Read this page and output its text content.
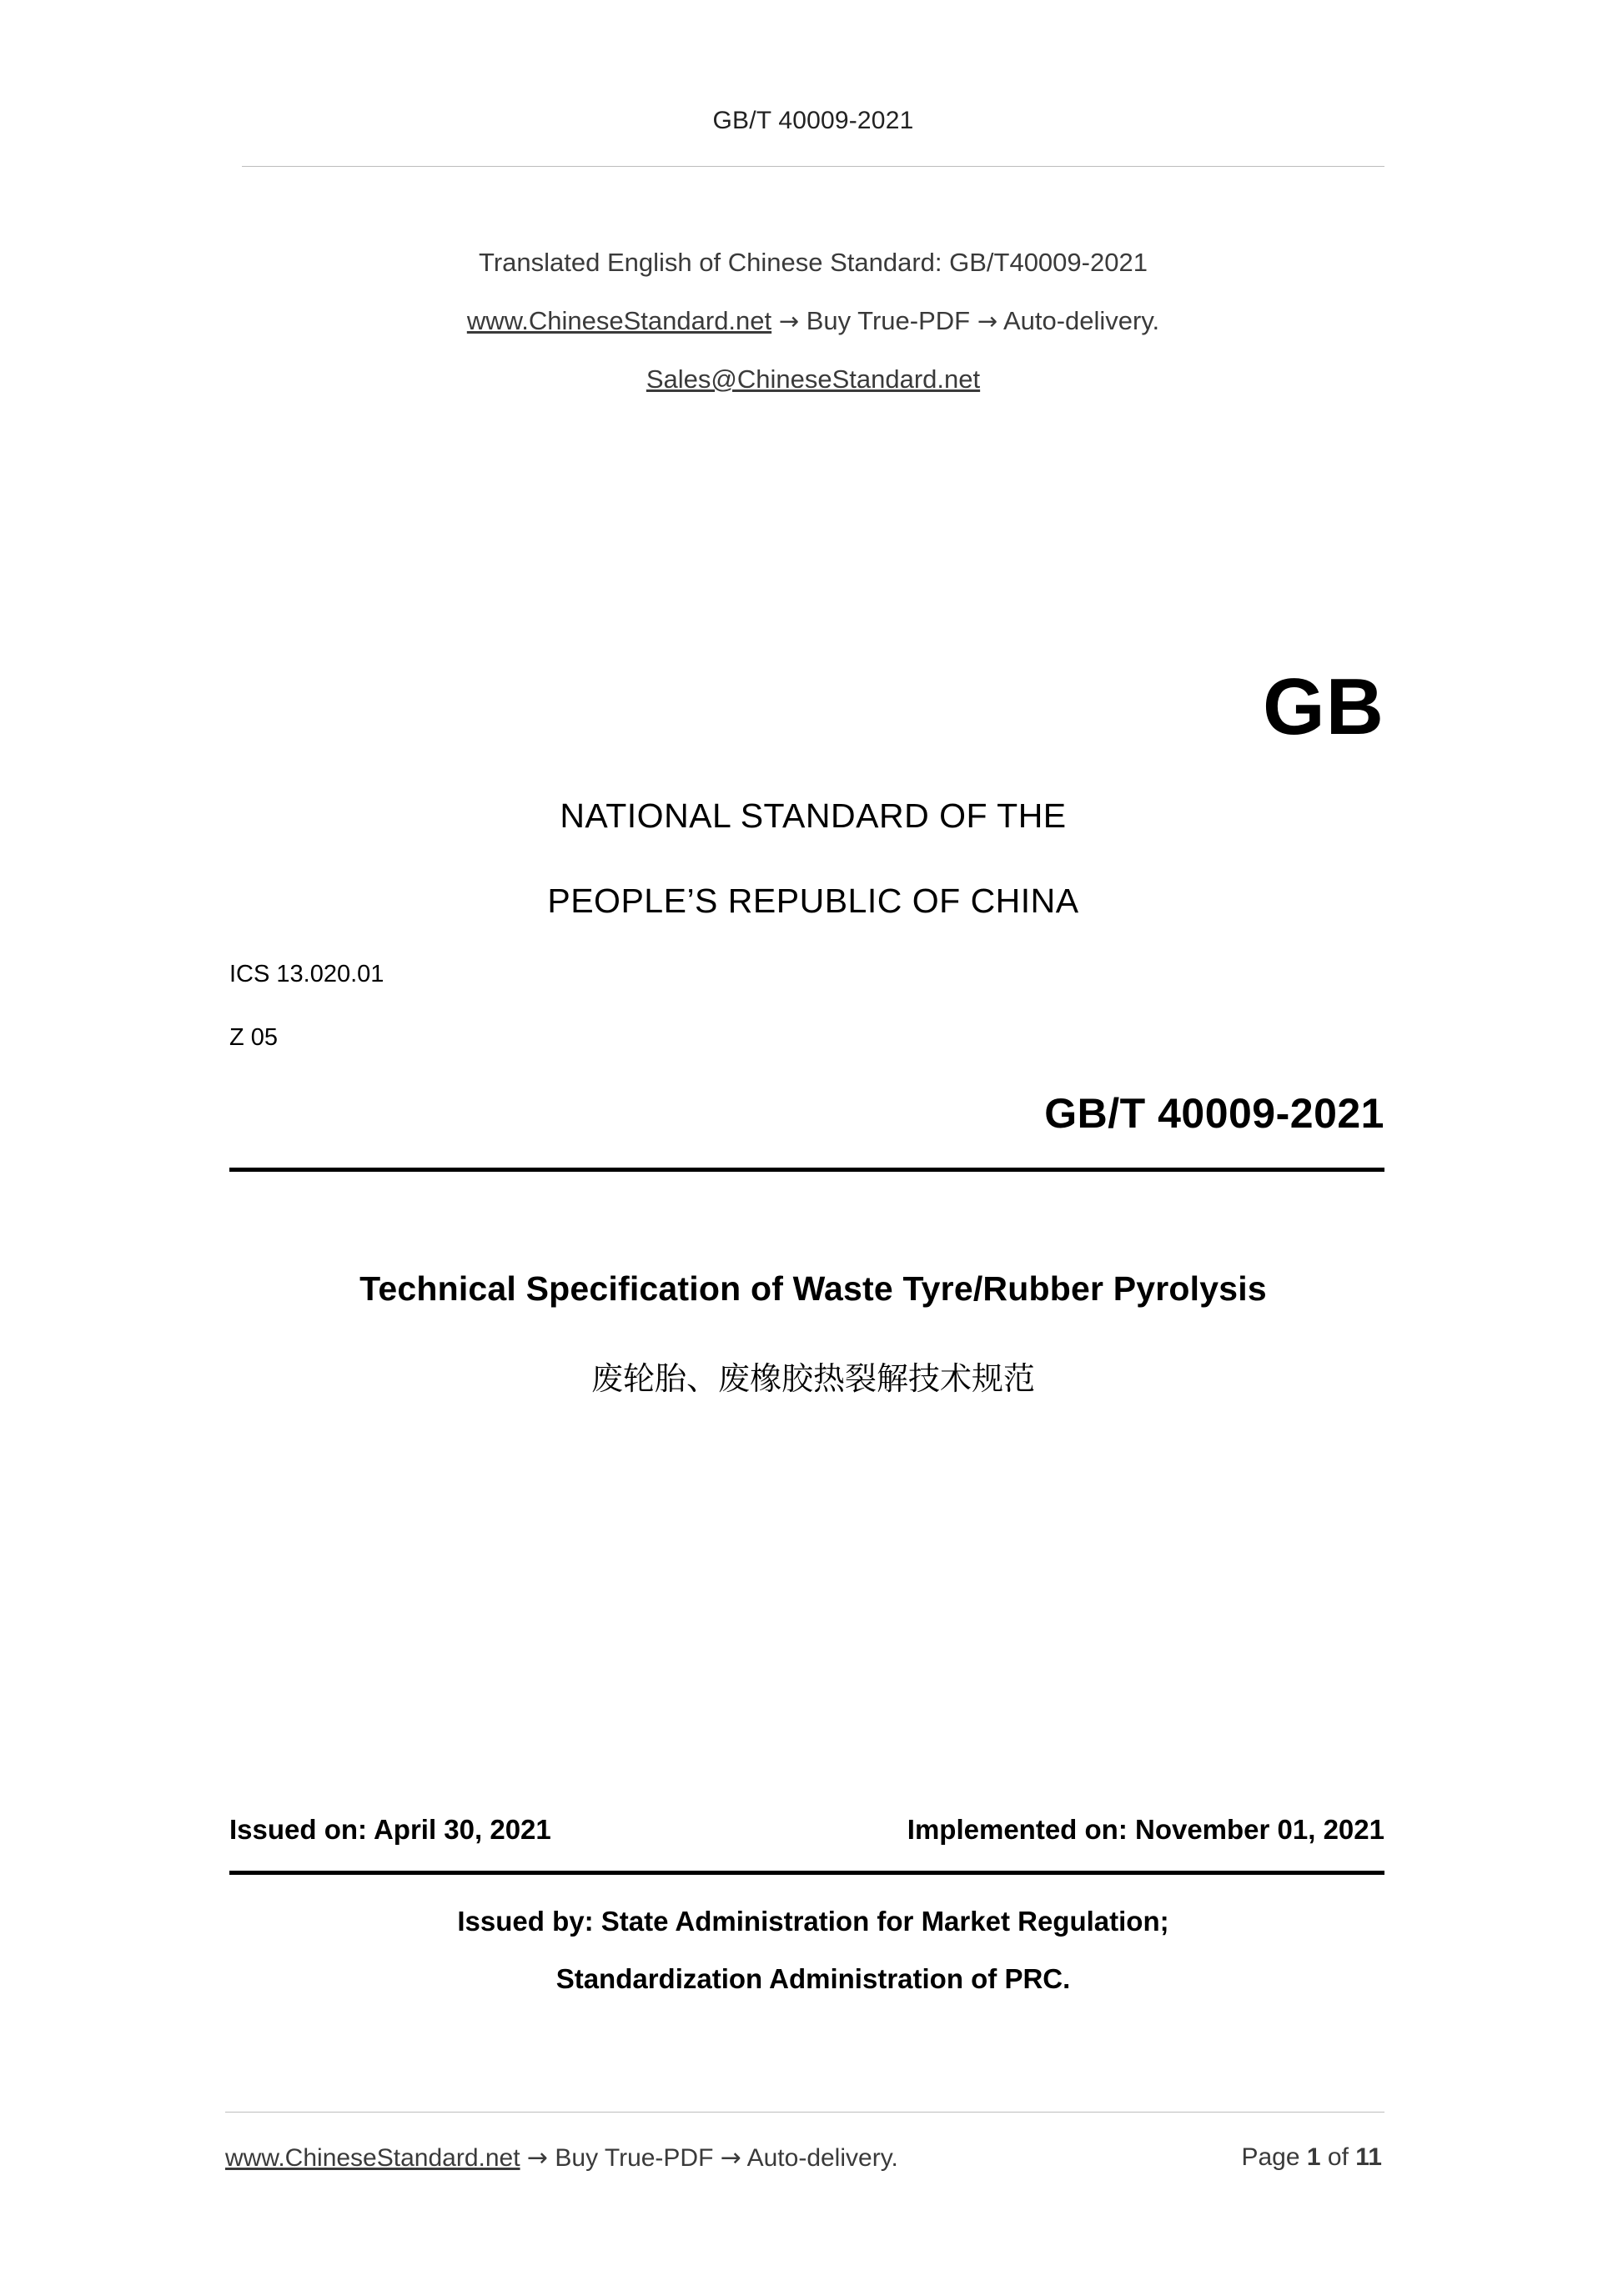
GB/T 40009-2021
Translated English of Chinese Standard: GB/T40009-2021
www.ChineseStandard.net → Buy True-PDF → Auto-delivery.
Sales@ChineseStandard.net
GB
NATIONAL STANDARD OF THE
PEOPLE’S REPUBLIC OF CHINA
ICS 13.020.01
Z 05
GB/T 40009-2021
Technical Specification of Waste Tyre/Rubber Pyrolysis
废轮胎、废橡胶热裂解技术规范
Issued on: April 30, 2021	Implemented on: November 01, 2021
Issued by: State Administration for Market Regulation;
Standardization Administration of PRC.
www.ChineseStandard.net → Buy True-PDF → Auto-delivery.	Page 1 of 11
